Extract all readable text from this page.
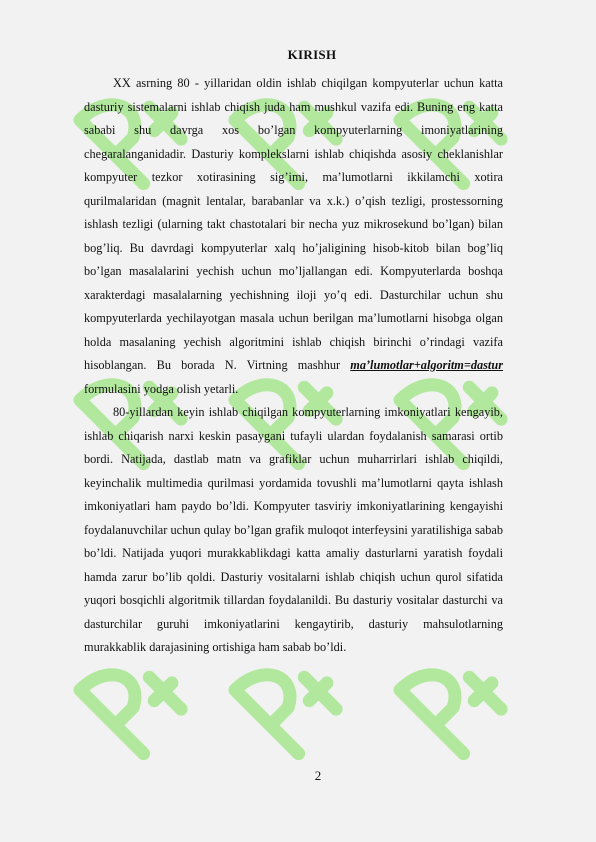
KIRISH

XX asrning 80 - yillaridan oldin ishlab chiqilgan kompyuterlar uchun katta dasturiy sistemalarni ishlab chiqish juda ham mushkul vazifa edi. Buning eng katta sababi shu davrga xos bo’lgan kompyuterlarning imoniyatlarining chegaralanganidadir. Dasturiy komplekslarni ishlab chiqishda asosiy cheklanishlar kompyuter tezkor xotirasining sig’imi, ma’lumotlarni ikkilamchi xotira qurilmalaridan (magnit lentalar, barabanlar va x.k.) o’qish tezligi, prostessorning ishlash tezligi (ularning takt chastotalari bir necha yuz mikrosekund bo’lgan) bilan bog’liq. Bu davrdagi kompyuterlar xalq ho’jaligining hisob-kitob bilan bog’liq bo’lgan masalalarini yechish uchun mo’ljallangan edi. Kompyuterlarda boshqa xarakterdagi masalalarning yechishning iloji yo’q edi. Dasturchilar uchun shu kompyuterlarda yechilayotgan masala uchun berilgan ma’lumotlarni hisobga olgan holda masalaning yechish algoritmini ishlab chiqish birinchi o’rindagi vazifa hisoblangan. Bu borada N. Virtning mashhur ma’lumotlar+algoritm=dastur formulasini yodga olish yetarli.

80-yillardan keyin ishlab chiqilgan kompyuterlarning imkoniyatlari kengayib, ishlab chiqarish narxi keskin pasaygani tufayli ulardan foydalanish samarasi ortib bordi. Natijada, dastlab matn va grafiklar uchun muharrirlari ishlab chiqildi, keyinchalik multimedia qurilmasi yordamida tovushli ma’lumotlarni qayta ishlash imkoniyatlari ham paydo bo’ldi. Kompyuter tasviriy imkoniyatlarining kengayishi foydalanuvchilar uchun qulay bo’lgan grafik muloqot interfeysini yaratilishiga sabab bo’ldi. Natijada yuqori murakkablikdagi katta amaliy dasturlarni yaratish foydali hamda zarur bo’lib qoldi. Dasturiy vositalarni ishlab chiqish uchun qurol sifatida yuqori bosqichli algoritmik tillardan foydalanildi. Bu dasturiy vositalar dasturchi va dasturchilar guruhi imkoniyatlarini kengaytirib, dasturiy mahsulotlarning murakkablik darajasining ortishiga ham sabab bo’ldi.

2
